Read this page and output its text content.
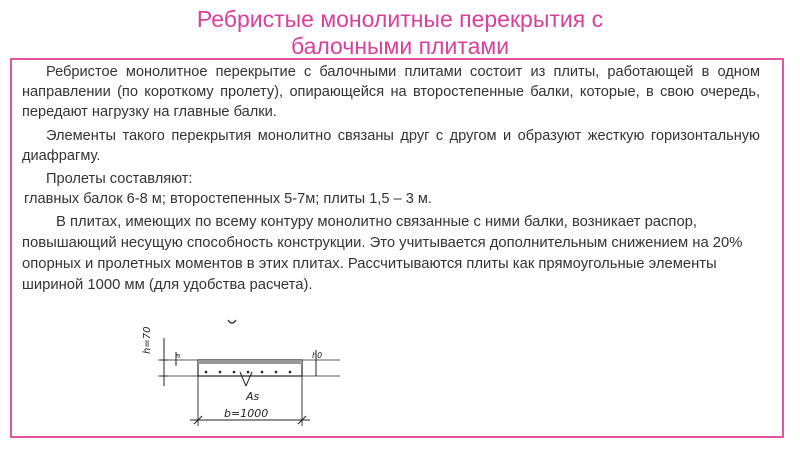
Ребристые монолитные перекрытия с
балочными плитами

Ребристое монолитное перекрытие с балочными плитами состоит из плиты, работающей в одном направлении (по короткому пролету), опирающейся на второстепенные балки, которые, в свою очередь, передают нагрузку на главные балки.

Элементы такого перекрытия монолитно связаны друг с другом и образуют жесткую горизонтальную диафрагму.

Пролеты составляют:

главных балок 6-8 м; второстепенных 5-7м; плиты 1,5 – 3 м.

В плитах, имеющих по всему контуру монолитно связанные с ними балки, возникает распор, повышающий несущую способность конструкции. Это учитывается дополнительным снижением на 20% опорных и пролетных моментов в этих плитах. Рассчитываются плиты как прямоугольные элементы шириной 1000 мм (для удобства расчета).

h=70
a
As
h0
b=1000
